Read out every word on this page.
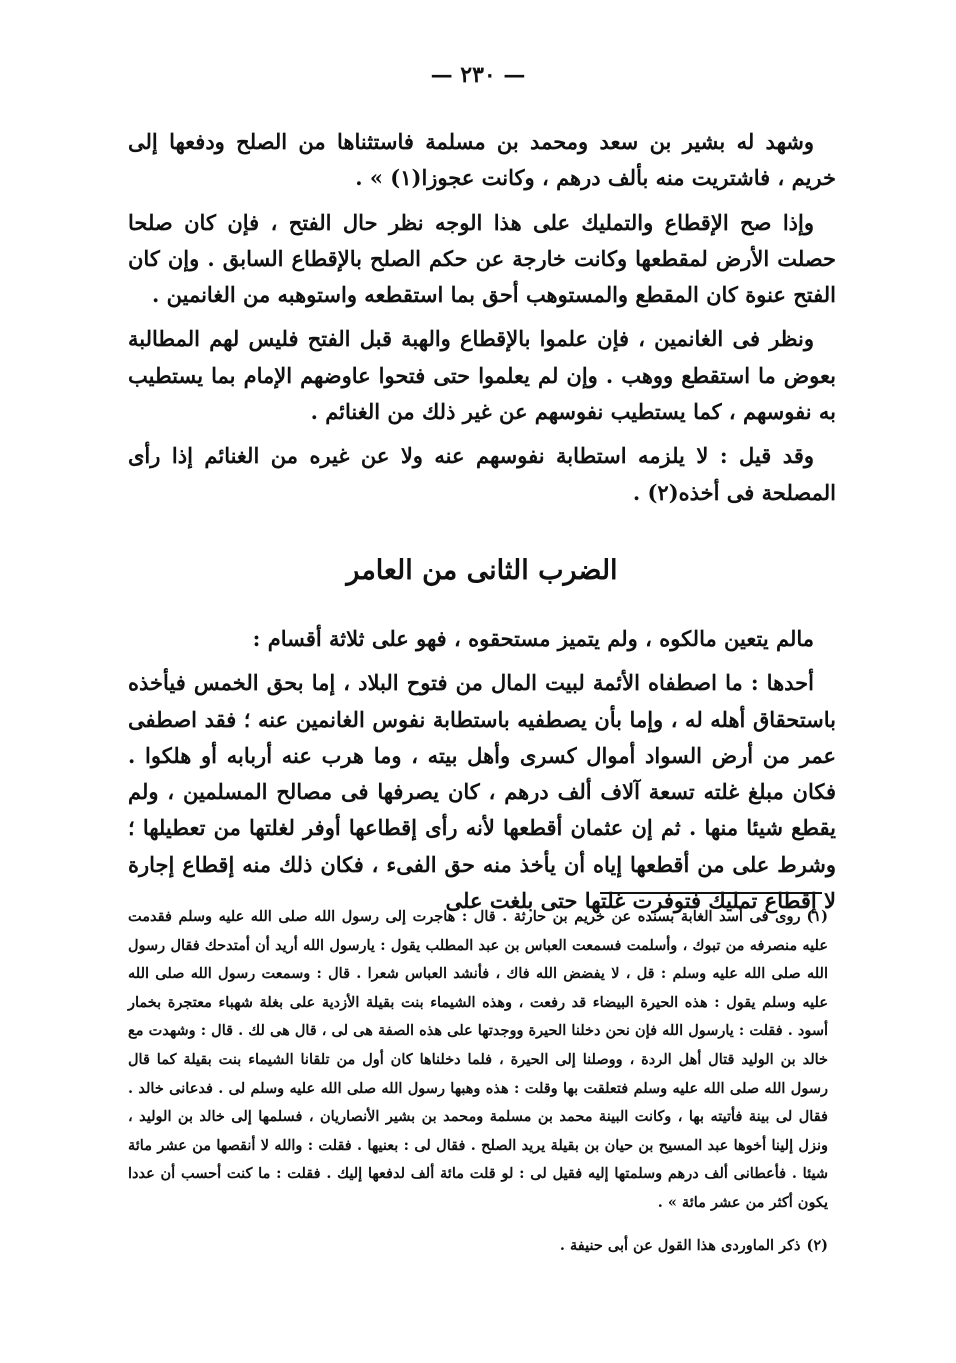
— ٢٣٠ —

وشهد له بشير بن سعد ومحمد بن مسلمة فاستثناها من الصلح ودفعها إلى خريم ، فاشتريت منه بألف درهم ، وكانت عجوزا(١) » .

وإذا صح الإقطاع والتمليك على هذا الوجه نظر حال الفتح ، فإن كان صلحا حصلت الأرض لمقطعها وكانت خارجة عن حكم الصلح بالإقطاع السابق . وإن كان الفتح عنوة كان المقطع والمستوهب أحق بما استقطعه واستوهبه من الغانمين .

ونظر فى الغانمين ، فإن علموا بالإقطاع والهبة قبل الفتح فليس لهم المطالبة بعوض ما استقطع ووهب . وإن لم يعلموا حتى فتحوا عاوضهم الإمام بما يستطيب به نفوسهم ، كما يستطيب نفوسهم عن غير ذلك من الغنائم .

وقد قيل : لا يلزمه استطابة نفوسهم عنه ولا عن غيره من الغنائم إذا رأى المصلحة فى أخذه(٢) .

الضرب الثانى من العامر

مالم يتعين مالكوه ، ولم يتميز مستحقوه ، فهو على ثلاثة أقسام :

أحدها : ما اصطفاه الأئمة لبيت المال من فتوح البلاد ، إما بحق الخمس فيأخذه باستحقاق أهله له ، وإما بأن يصطفيه باستطابة نفوس الغانمين عنه ؛ فقد اصطفى عمر من أرض السواد أموال كسرى وأهل بيته ، وما هرب عنه أربابه أو هلكوا . فكان مبلغ غلته تسعة آلاف ألف درهم ، كان يصرفها فى مصالح المسلمين ، ولم يقطع شيئا منها . ثم إن عثمان أقطعها لأنه رأى إقطاعها أوفر لغلتها من تعطيلها ؛ وشرط على من أقطعها إياه أن يأخذ منه حق الفىء ، فكان ذلك منه إقطاع إجارة لا إقطاع تمليك فتوفرت غلتها حتى بلغت على

(١)روى فى أسد الغابة بسنده عن خريم بن حارثة . قال : هاجرت إلى رسول الله صلى الله عليه وسلم فقدمت عليه منصرفه من تبوك ، وأسلمت فسمعت العباس بن عبد المطلب يقول : يارسول الله أريد أن أمتدحك فقال رسول الله صلى الله عليه وسلم : قل ، لا يفضض الله فاك ، فأنشد العباس شعرا . قال : وسمعت رسول الله صلى الله عليه وسلم يقول : هذه الحيرة البيضاء قد رفعت ، وهذه الشيماء بنت بقيلة الأزدية على بغلة شهباء معتجرة بخمار أسود . فقلت : يارسول الله فإن نحن دخلنا الحيرة ووجدتها على هذه الصفة هى لى ، قال هى لك . قال : وشهدت مع خالد بن الوليد قتال أهل الردة ، ووصلنا إلى الحيرة ، فلما دخلناها كان أول من تلقانا الشيماء بنت بقيلة كما قال رسول الله صلى الله عليه وسلم فتعلقت بها وقلت : هذه وهبها رسول الله صلى الله عليه وسلم لى . فدعانى خالد . فقال لى بينة فأتيته بها ، وكانت البينة محمد بن مسلمة ومحمد بن بشير الأنصاريان ، فسلمها إلى خالد بن الوليد ، ونزل إلينا أخوها عبد المسيح بن حيان بن بقيلة يريد الصلح . فقال لى : بعنيها . فقلت : والله لا أنقصها من عشر مائة شيئا . فأعطانى ألف درهم وسلمتها إليه فقيل لى : لو قلت مائة ألف لدفعها إليك . فقلت : ما كنت أحسب أن عددا يكون أكثر من عشر مائة » .

(٢)ذكر الماوردى هذا القول عن أبى حنيفة .
